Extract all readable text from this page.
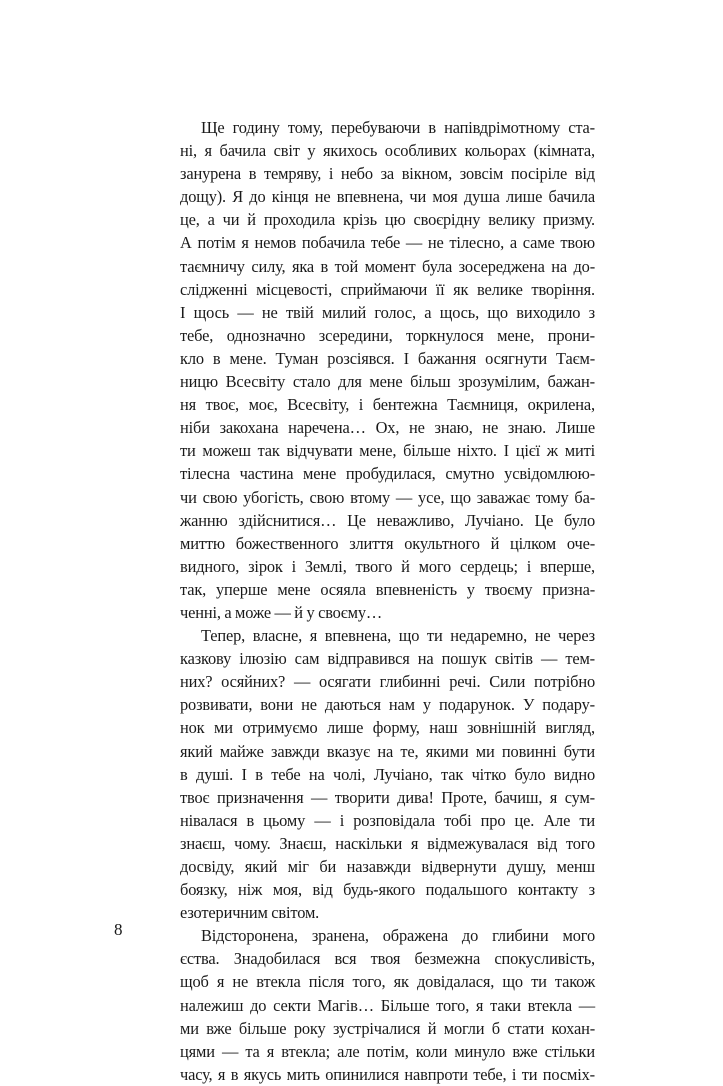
Ще годину тому, перебуваючи в напівдрімотному ста-
ні, я бачила світ у якихось особливих кольорах (кімната,
занурена в темряву, і небо за вікном, зовсім посіріле від
дощу). Я до кінця не впевнена, чи моя душа лише бачила
це, а чи й проходила крізь цю своєрідну велику призму.
А потім я немов побачила тебе — не тілесно, а саме твою
таємничу силу, яка в той момент була зосереджена на до-
слідженні місцевості, сприймаючи її як велике творіння.
І щось — не твій милий голос, а щось, що виходило з
тебе, однозначно зсередини, торкнулося мене, прони-
кло в мене. Туман розсіявся. І бажання осягнути Таєм-
ницю Всесвіту стало для мене більш зрозумілим, бажан-
ня твоє, моє, Всесвіту, і бентежна Таємниця, окрилена,
ніби закохана наречена… Ох, не знаю, не знаю. Лише
ти можеш так відчувати мене, більше ніхто. І цієї ж миті
тілесна частина мене пробудилася, смутно усвідомлюю-
чи свою убогість, свою втому — усе, що заважає тому ба-
жанню здійснитися… Це неважливо, Лучіано. Це було
миттю божественного злиття окультного й цілком оче-
видного, зірок і Землі, твого й мого сердець; і вперше,
так, уперше мене осяяла впевненість у твоєму призна-
ченні, а може — й у своєму…
Тепер, власне, я впевнена, що ти недаремно, не через
казкову ілюзію сам відправився на пошук світів — тем-
них? осяйних? — осягати глибинні речі. Сили потрібно
розвивати, вони не даються нам у подарунок. У подару-
нок ми отримуємо лише форму, наш зовнішній вигляд,
який майже завжди вказує на те, якими ми повинні бути
в душі. І в тебе на чолі, Лучіано, так чітко було видно
твоє призначення — творити дива! Проте, бачиш, я сум-
нівалася в цьому — і розповідала тобі про це. Але ти
знаєш, чому. Знаєш, наскільки я відмежувалася від того
досвіду, який міг би назавжди відвернути душу, менш
боязку, ніж моя, від будь-якого подальшого контакту з
езотеричним світом.
Відсторонена, зранена, ображена до глибини мого
єства. Знадобилася вся твоя безмежна спокусливість,
щоб я не втекла після того, як довідалася, що ти також
належиш до секти Магів… Більше того, я таки втекла —
ми вже більше року зустрічалися й могли б стати кохан-
цями — та я втекла; але потім, коли минуло вже стільки
часу, я в якусь мить опинилися навпроти тебе, і ти посміх-
8
